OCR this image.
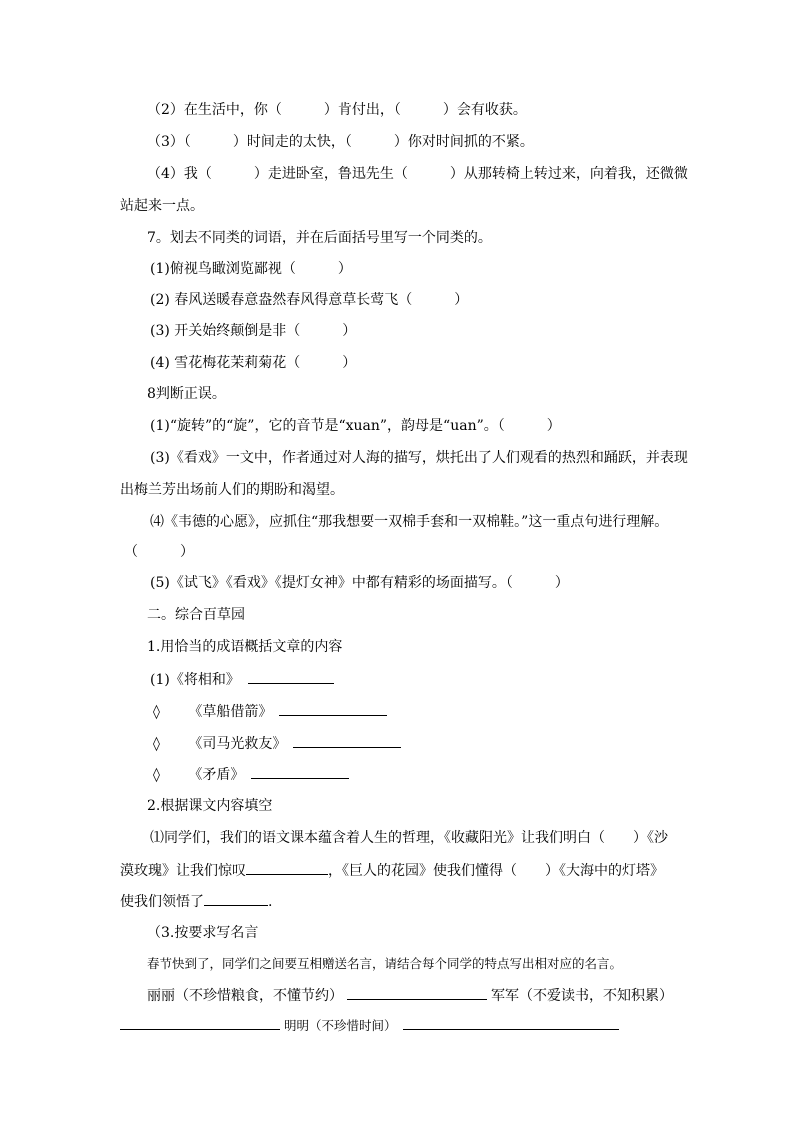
（2）在生活中，你（　　　）肯付出，（　　　）会有收获。
（3）（　　　）时间走的太快，（　　　）你对时间抓的不紧。
（4）我（　　　）走进卧室，鲁迅先生（　　　）从那转椅上转过来，向着我，还微微
站起来一点。
7。划去不同类的词语，并在后面括号里写一个同类的。
(1)俯视鸟瞰浏览鄙视（　　　）
(2) 春风送暖春意盎然春风得意草长莺飞（　　　）
(3) 开关始终颠倒是非（　　　）
(4) 雪花梅花茉莉菊花（　　　）
8判断正误。
(1)“旋转”的“旋”，它的音节是“xuan”，韵母是“uan”。（　　　）
(3)《看戏》一文中，作者通过对人海的描写，烘托出了人们观看的热烈和踊跃，并表现
出梅兰芳出场前人们的期盼和渴望。
⑷《韦德的心愿》，应抓住“那我想要一双棉手套和一双棉鞋。”这一重点句进行理解。
（　　　）
(5)《试飞》《看戏》《提灯女神》中都有精彩的场面描写。（　　　）
二。综合百草园
1.用恰当的成语概括文章的内容
(1)《将相和》
◊ 《草船借箭》
◊ 《司马光救友》
◊ 《矛盾》
2.根据课文内容填空
⑴同学们，我们的语文课本蕴含着人生的哲理，《收藏阳光》让我们明白（　　）《沙
漠玫瑰》让我们惊叹	，《巨人的花园》使我们懂得（　　）《大海中的灯塔》
使我们领悟了	.
（3.按要求写名言
春节快到了，同学们之间要互相赠送名言，请结合每个同学的特点写出相对应的名言。
丽丽（不珍惜粮食，不懂节约）	军军（不爱读书，不知积累）
明明（不珍惜时间）
